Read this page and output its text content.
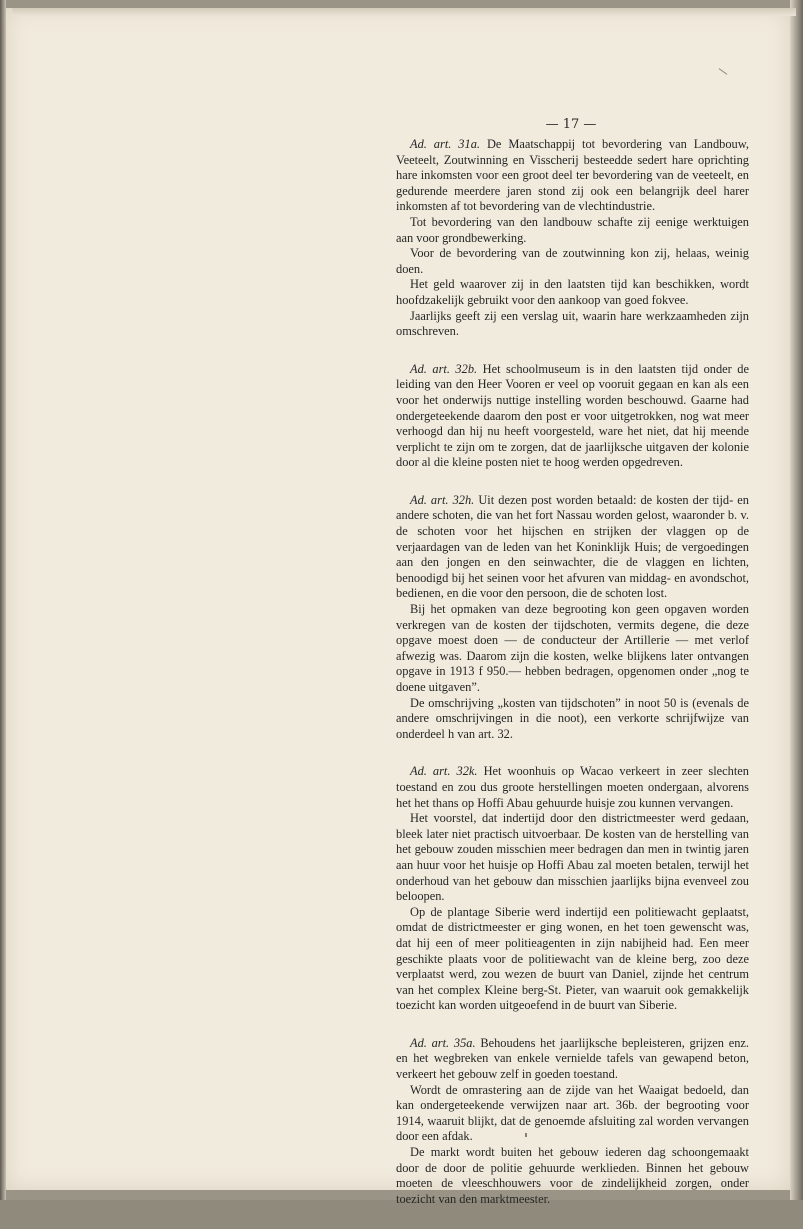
— 17 —

Ad. art. 31a. De Maatschappij tot bevordering van Landbouw, Veeteelt, Zoutwinning en Visscherij besteedde sedert hare oprichting hare inkomsten voor een groot deel ter bevordering van de veeteelt, en gedurende meerdere jaren stond zij ook een belangrijk deel harer inkomsten af tot bevordering van de vlechtindustrie.

Tot bevordering van den landbouw schafte zij eenige werktuigen aan voor grondbewerking.

Voor de bevordering van de zoutwinning kon zij, helaas, weinig doen.

Het geld waarover zij in den laatsten tijd kan beschikken, wordt hoofdzakelijk gebruikt voor den aankoop van goed fokvee.

Jaarlijks geeft zij een verslag uit, waarin hare werkzaamheden zijn omschreven.

Ad. art. 32b. Het schoolmuseum is in den laatsten tijd onder de leiding van den Heer Vooren er veel op vooruit gegaan en kan als een voor het onderwijs nuttige instelling worden beschouwd. Gaarne had ondergeteekende daarom den post er voor uitgetrokken, nog wat meer verhoogd dan hij nu heeft voorgesteld, ware het niet, dat hij meende verplicht te zijn om te zorgen, dat de jaarlijksche uitgaven der kolonie door al die kleine posten niet te hoog werden opgedreven.

Ad. art. 32h. Uit dezen post worden betaald: de kosten der tijd- en andere schoten, die van het fort Nassau worden gelost, waaronder b. v. de schoten voor het hijschen en strijken der vlaggen op de verjaardagen van de leden van het Koninklijk Huis; de vergoedingen aan den jongen en den seinwachter, die de vlaggen en lichten, benoodigd bij het seinen voor het afvuren van middag- en avondschot, bedienen, en die voor den persoon, die de schoten lost.

Bij het opmaken van deze begrooting kon geen opgaven worden verkregen van de kosten der tijdschoten, vermits degene, die deze opgave moest doen — de conducteur der Artillerie — met verlof afwezig was. Daarom zijn die kosten, welke blijkens later ontvangen opgave in 1913 f 950.— hebben bedragen, opgenomen onder „nog te doene uitgaven”.

De omschrijving „kosten van tijdschoten” in noot 50 is (evenals de andere omschrijvingen in die noot), een verkorte schrijfwijze van onderdeel h van art. 32.

Ad. art. 32k. Het woonhuis op Wacao verkeert in zeer slechten toestand en zou dus groote herstellingen moeten ondergaan, alvorens het het thans op Hoffi Abau gehuurde huisje zou kunnen vervangen.

Het voorstel, dat indertijd door den districtmeester werd gedaan, bleek later niet practisch uitvoerbaar. De kosten van de herstelling van het gebouw zouden misschien meer bedragen dan men in twintig jaren aan huur voor het huisje op Hoffi Abau zal moeten betalen, terwijl het onderhoud van het gebouw dan misschien jaarlijks bijna evenveel zou beloopen.

Op de plantage Siberie werd indertijd een politiewacht geplaatst, omdat de districtmeester er ging wonen, en het toen gewenscht was, dat hij een of meer politieagenten in zijn nabijheid had. Een meer geschikte plaats voor de politiewacht van de kleine berg, zoo deze verplaatst werd, zou wezen de buurt van Daniel, zijnde het centrum van het complex Kleine berg-St. Pieter, van waaruit ook gemakkelijk toezicht kan worden uitgeoefend in de buurt van Siberie.

Ad. art. 35a. Behoudens het jaarlijksche bepleisteren, grijzen enz. en het wegbreken van enkele vernielde tafels van gewapend beton, verkeert het gebouw zelf in goeden toestand.

Wordt de omrastering aan de zijde van het Waaigat bedoeld, dan kan ondergeteekende verwijzen naar art. 36b. der begrooting voor 1914, waaruit blijkt, dat de genoemde afsluiting zal worden vervangen door een afdak.

De markt wordt buiten het gebouw iederen dag schoongemaakt door de door de politie gehuurde werklieden. Binnen het gebouw moeten de vleeschhouwers voor de zindelijkheid zorgen, onder toezicht van den marktmeester.
